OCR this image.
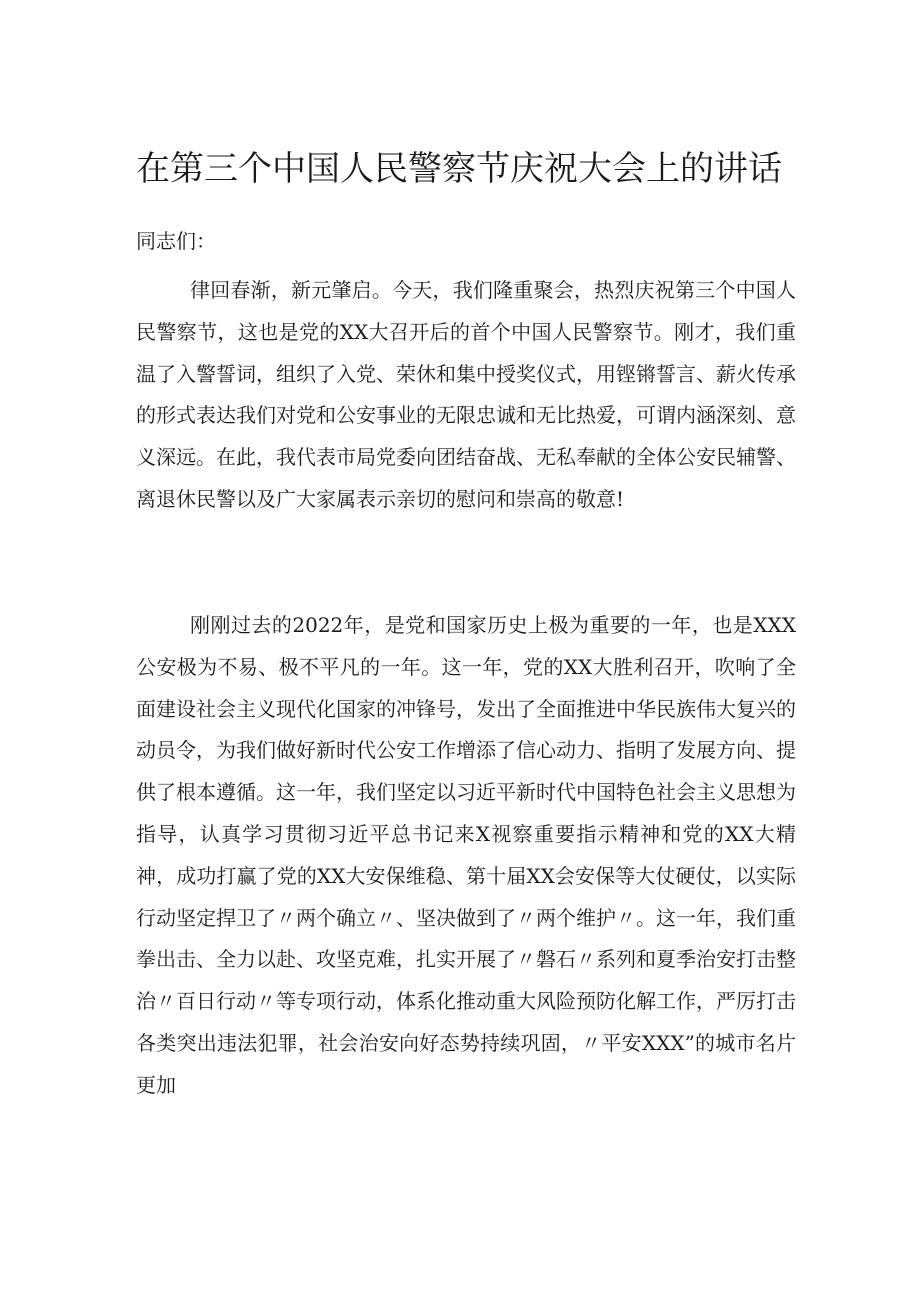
在第三个中国人民警察节庆祝大会上的讲话

同志们：

律回春渐，新元肇启。今天，我们隆重聚会，热烈庆祝第三个中国人民警察节，这也是党的XX大召开后的首个中国人民警察节。刚才，我们重温了入警誓词，组织了入党、荣休和集中授奖仪式，用铿锵誓言、薪火传承的形式表达我们对党和公安事业的无限忠诚和无比热爱，可谓内涵深刻、意义深远。在此，我代表市局党委向团结奋战、无私奉献的全体公安民辅警、离退休民警以及广大家属表示亲切的慰问和崇高的敬意!

刚刚过去的2022年，是党和国家历史上极为重要的一年，也是XXX公安极为不易、极不平凡的一年。这一年，党的XX大胜利召开，吹响了全面建设社会主义现代化国家的冲锋号，发出了全面推进中华民族伟大复兴的动员令，为我们做好新时代公安工作增添了信心动力、指明了发展方向、提供了根本遵循。这一年，我们坚定以习近平新时代中国特色社会主义思想为指导，认真学习贯彻习近平总书记来X视察重要指示精神和党的XX大精神，成功打赢了党的XX大安保维稳、第十届XX会安保等大仗硬仗，以实际行动坚定捍卫了〃两个确立〃、坚决做到了〃两个维护〃。这一年，我们重拳出击、全力以赴、攻坚克难，扎实开展了〃磐石〃系列和夏季治安打击整治〃百日行动〃等专项行动，体系化推动重大风险预防化解工作，严厉打击各类突出违法犯罪，社会治安向好态势持续巩固，〃平安XXX”的城市名片更加
